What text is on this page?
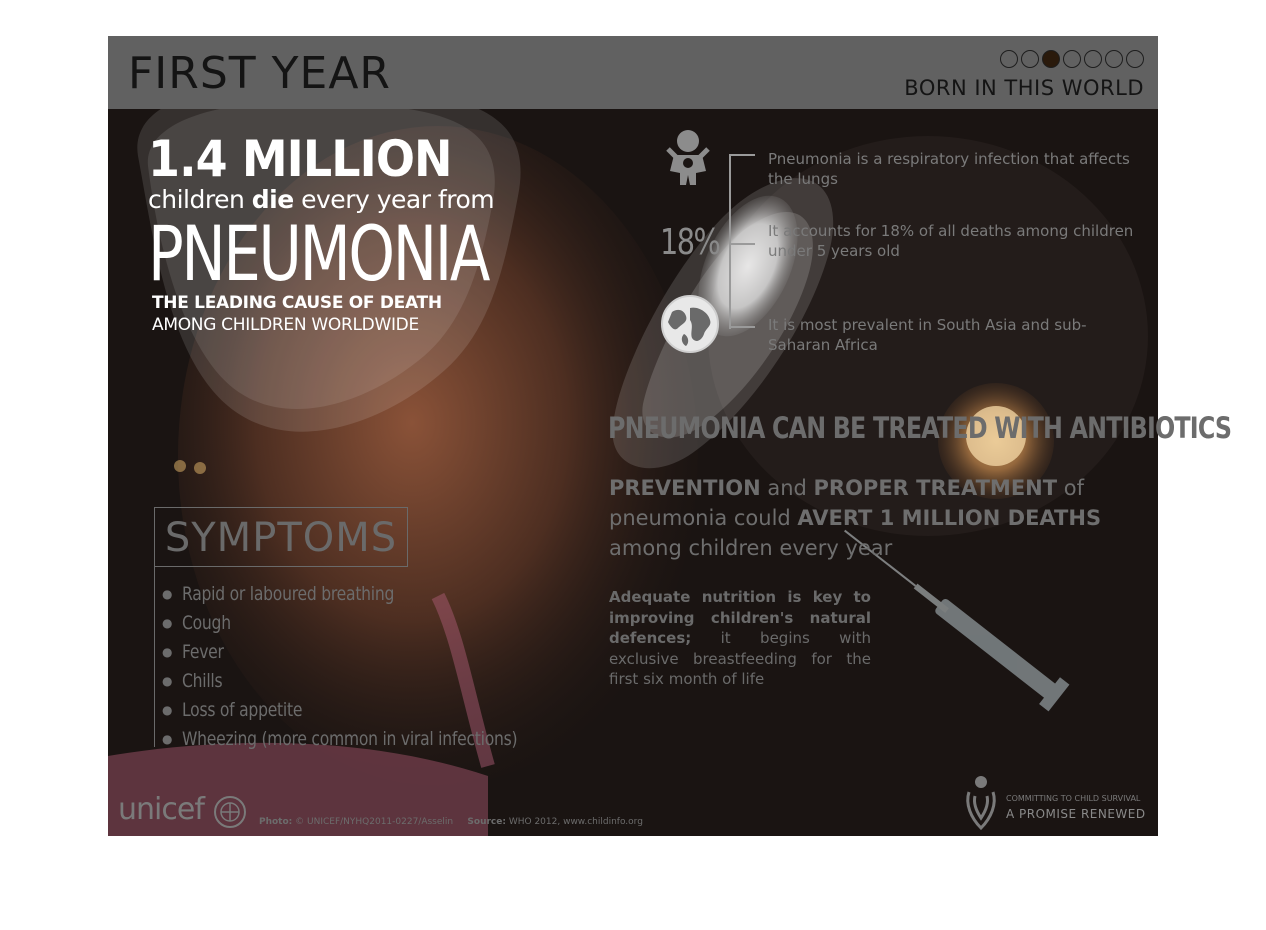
FIRST YEAR	BORN IN THIS WORLD
1.4 MILLION
children die every year from
PNEUMONIA
THE LEADING CAUSE OF DEATH
AMONG CHILDREN WORLDWIDE
18%
Pneumonia is a respiratory infection that affects the lungs
It accounts for 18% of all deaths among children under 5 years old
It is most prevalent in South Asia and sub-Saharan Africa
PNEUMONIA CAN BE TREATED WITH ANTIBIOTICS
PREVENTION and PROPER TREATMENT of pneumonia could AVERT 1 MILLION DEATHS among children every year
Adequate nutrition is key to improving children's natural defences; it begins with exclusive breastfeeding for the first six month of life
SYMPTOMS
● Rapid or laboured breathing
● Cough
● Fever
● Chills
● Loss of appetite
● Wheezing (more common in viral infections)
unicef	Photo: © UNICEF/NYHQ2011-0227/Asselin Source: WHO 2012, www.childinfo.org
COMMITTING TO CHILD SURVIVAL
A PROMISE RENEWED
